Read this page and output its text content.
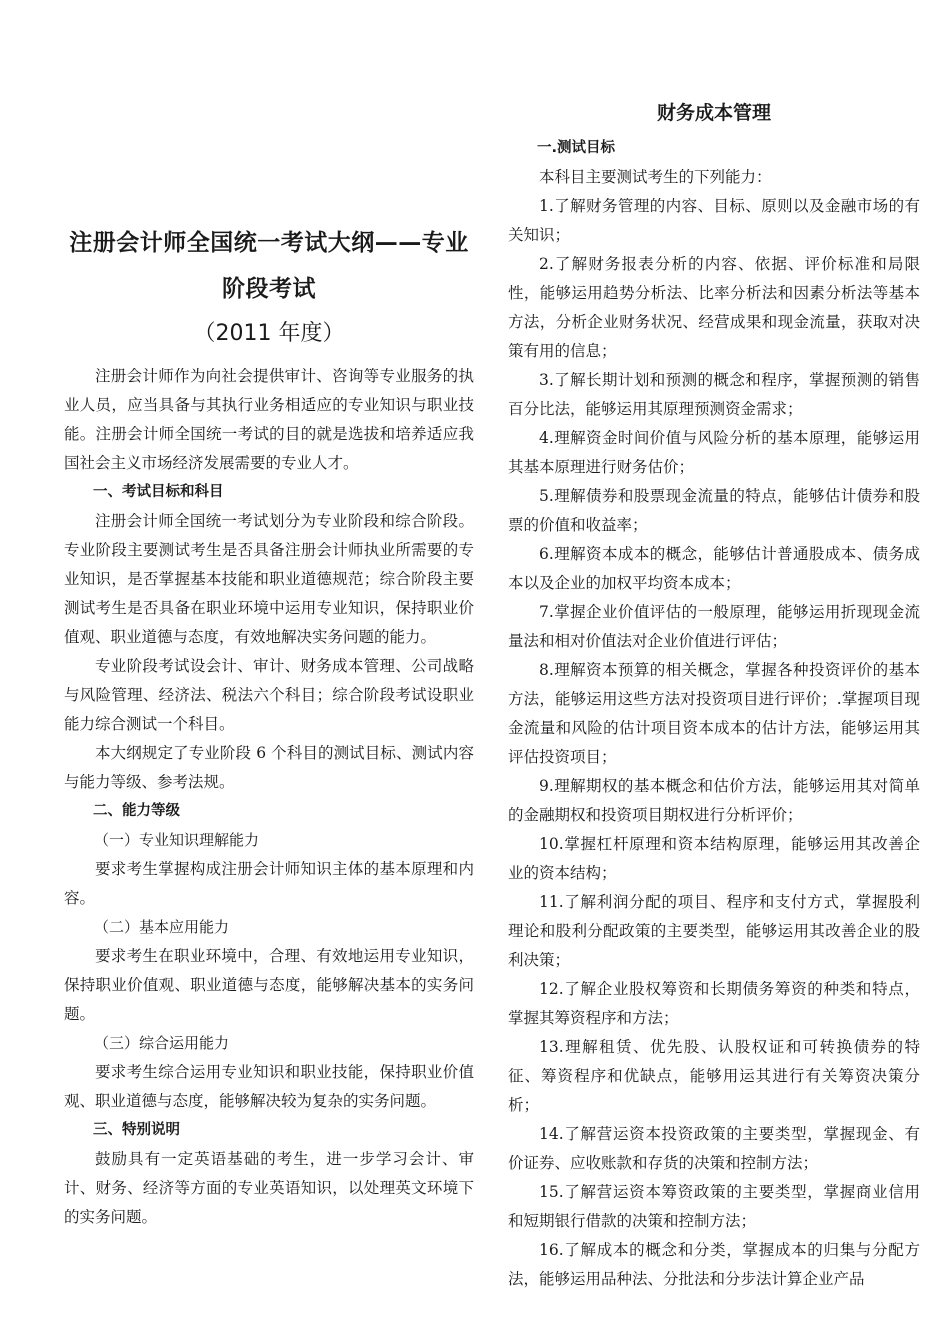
注册会计师全国统一考试大纲——专业阶段考试
（2011 年度）

注册会计师作为向社会提供审计、咨询等专业服务的执业人员，应当具备与其执行业务相适应的专业知识与职业技能。注册会计师全国统一考试的目的就是选拔和培养适应我国社会主义市场经济发展需要的专业人才。

一、考试目标和科目

注册会计师全国统一考试划分为专业阶段和综合阶段。专业阶段主要测试考生是否具备注册会计师执业所需要的专业知识，是否掌握基本技能和职业道德规范；综合阶段主要测试考生是否具备在职业环境中运用专业知识，保持职业价值观、职业道德与态度，有效地解决实务问题的能力。

专业阶段考试设会计、审计、财务成本管理、公司战略与风险管理、经济法、税法六个科目；综合阶段考试设职业能力综合测试一个科目。

本大纲规定了专业阶段 6 个科目的测试目标、测试内容与能力等级、参考法规。

二、能力等级

（一）专业知识理解能力

要求考生掌握构成注册会计师知识主体的基本原理和内容。

（二）基本应用能力

要求考生在职业环境中，合理、有效地运用专业知识，保持职业价值观、职业道德与态度，能够解决基本的实务问题。

（三）综合运用能力

要求考生综合运用专业知识和职业技能，保持职业价值观、职业道德与态度，能够解决较为复杂的实务问题。

三、特别说明

鼓励具有一定英语基础的考生，进一步学习会计、审计、财务、经济等方面的专业英语知识，以处理英文环境下的实务问题。

财务成本管理

一.测试目标

本科目主要测试考生的下列能力：

1.了解财务管理的内容、目标、原则以及金融市场的有关知识；

2.了解财务报表分析的内容、依据、评价标准和局限性，能够运用趋势分析法、比率分析法和因素分析法等基本方法，分析企业财务状况、经营成果和现金流量，获取对决策有用的信息；

3.了解长期计划和预测的概念和程序，掌握预测的销售百分比法，能够运用其原理预测资金需求；

4.理解资金时间价值与风险分析的基本原理，能够运用其基本原理进行财务估价；

5.理解债券和股票现金流量的特点，能够估计债券和股票的价值和收益率；

6.理解资本成本的概念，能够估计普通股成本、债务成本以及企业的加权平均资本成本；

7.掌握企业价值评估的一般原理，能够运用折现现金流量法和相对价值法对企业价值进行评估；

8.理解资本预算的相关概念，掌握各种投资评价的基本方法，能够运用这些方法对投资项目进行评价；.掌握项目现金流量和风险的估计项目资本成本的估计方法，能够运用其评估投资项目；

9.理解期权的基本概念和估价方法，能够运用其对简单的金融期权和投资项目期权进行分析评价；

10.掌握杠杆原理和资本结构原理，能够运用其改善企业的资本结构；

11.了解利润分配的项目、程序和支付方式，掌握股利理论和股利分配政策的主要类型，能够运用其改善企业的股利决策；

12.了解企业股权筹资和长期债务筹资的种类和特点，掌握其筹资程序和方法；

13.理解租赁、优先股、认股权证和可转换债券的特征、筹资程序和优缺点，能够用运其进行有关筹资决策分析；

14.了解营运资本投资政策的主要类型，掌握现金、有价证券、应收账款和存货的决策和控制方法；

15.了解营运资本筹资政策的主要类型，掌握商业信用和短期银行借款的决策和控制方法；

16.了解成本的概念和分类，掌握成本的归集与分配方法，能够运用品种法、分批法和分步法计算企业产品
